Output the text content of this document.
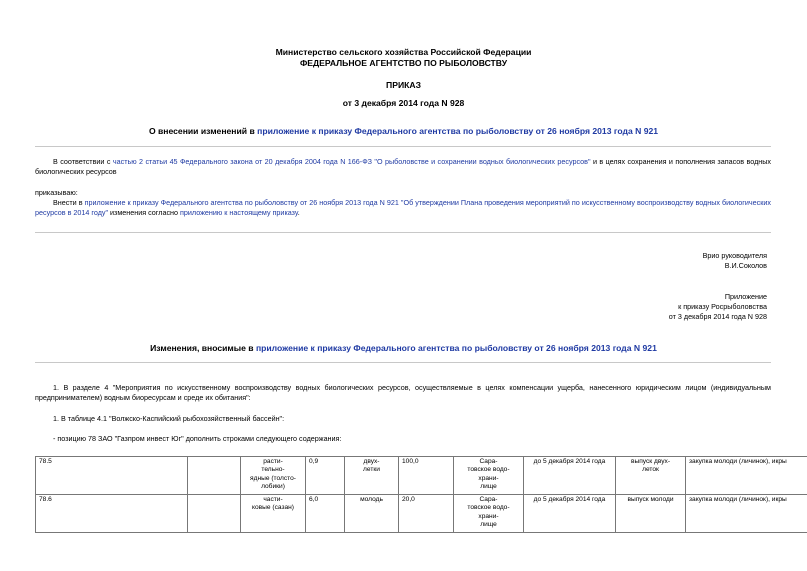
Министерство сельского хозяйства Российской Федерации
ФЕДЕРАЛЬНОЕ АГЕНТСТВО ПО РЫБОЛОВСТВУ
ПРИКАЗ
от 3 декабря 2014 года N 928
О внесении изменений в приложение к приказу Федерального агентства по рыболовству от 26 ноября 2013 года N 921
В соответствии с частью 2 статьи 45 Федерального закона от 20 декабря 2004 года N 166-ФЗ "О рыболовстве и сохранении водных биологических ресурсов" и в целях сохранения и пополнения запасов водных биологических ресурсов
приказываю:
Внести в приложение к приказу Федерального агентства по рыболовству от 26 ноября 2013 года N 921 "Об утверждении Плана проведения мероприятий по искусственному воспроизводству водных биологических ресурсов в 2014 году" изменения согласно приложению к настоящему приказу.
Врио руководителя
В.И.Соколов
Приложение
к приказу Росрыболовства
от 3 декабря 2014 года N 928
Изменения, вносимые в приложение к приказу Федерального агентства по рыболовству от 26 ноября 2013 года N 921
1. В разделе 4 "Мероприятия по искусственному воспроизводству водных биологических ресурсов, осуществляемые в целях компенсации ущерба, нанесенного юридическим лицом (индивидуальным предпринимателем) водным биоресурсам и среде их обитания":
1. В таблице 4.1 "Волжско-Каспийский рыбохозяйственный бассейн":
- позицию 78 ЗАО "Газпром инвест Юг" дополнить строками следующего содержания:
78.5		расти-
тельно-
ядные (толсто-
лобики)	0,9	двух-
летки	100,0	Сара-
товское водо-
храни-
лище	до 5 декабря 2014 года	выпуск двух-
леток	закупка молоди (личинок), икры
78.6		части-
ковые (сазан)	6,0	молодь	20,0	Сара-
товское водо-
храни-
лище	до 5 декабря 2014 года	выпуск молоди	закупка молоди (личинок), икры
